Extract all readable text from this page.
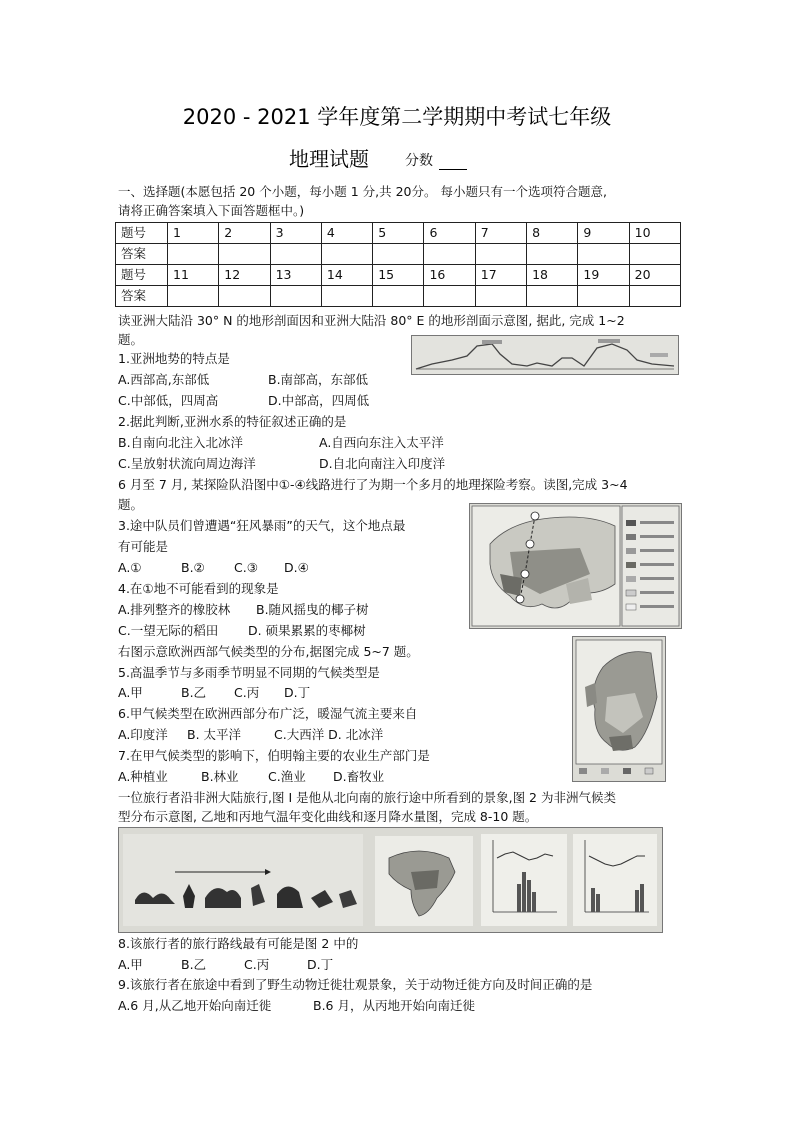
2020 - 2021 学年度第二学期期中考试七年级
地理试题	分数
一、选择题(本愿包括 20 个小题，每小题 1 分,共 20分。 每小题只有一个选项符合题意,
请将正确答案填入下面答题框中。)
题号	1	2	3	4	5	6	7	8	9	10
答案										
题号	11	12	13	14	15	16	17	18	19	20
答案										
读亚洲大陆沿 30° N 的地形剖面因和亚洲大陆沿 80° E 的地形剖面示意图, 据此, 完成 1~2
题。
1.亚洲地势的特点是
A.西部高,东部低	B.南部高，东部低
C.中部低，四周高	D.中部高，四周低
2.据此判断,亚洲水系的特征叙述正确的是
B.自南向北注入北冰洋	A.自西向东注入太平洋
C.呈放射状流向周边海洋	D.自北向南注入印度洋
6 月至 7 月, 某探险队沿图中①-④线路进行了为期一个多月的地理探险考察。读图,完成 3~4
题。
3.途中队员们曾遭遇“狂风暴雨”的天气，这个地点最
有可能是
A.①	B.② C.③ D.④
4.在①地不可能看到的现象是
A.排列整齐的橡胶林 B.随风摇曳的椰子树
C.一望无际的稻田 D. 硕果累累的枣椰树
右图示意欧洲西部气候类型的分布,据图完成 5~7 题。
5.高温季节与多雨季节明显不同期的气候类型是
A.甲	B.乙 C.丙 D.丁
6.甲气候类型在欧洲西部分布广泛，暖湿气流主要来自
A.印度洋 B. 太平洋	C.大西洋 D. 北冰洋
7.在甲气候类型的影响下，伯明翰主要的农业生产部门是
A.种植业	B.林业 C.渔业 D.畜牧业
一位旅行者沿非洲大陆旅行,图 I 是他从北向南的旅行途中所看到的景象,图 2 为非洲气候类
型分布示意图, 乙地和丙地气温年变化曲线和逐月降水量图，完成 8-10 题。
8.该旅行者的旅行路线最有可能是图 2 中的
A.甲	B.乙	C.丙	D.丁
9.该旅行者在旅途中看到了野生动物迁徙壮观景象，关于动物迁徙方向及时间正确的是
A.6 月,从乙地开始向南迁徙	B.6 月，从丙地开始向南迁徙
